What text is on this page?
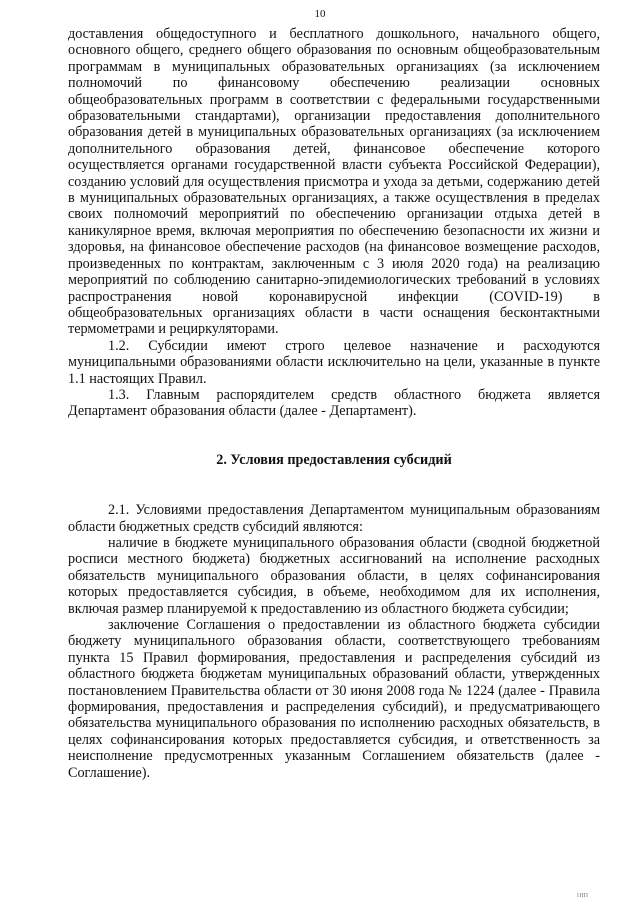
10

доставления общедоступного и бесплатного дошкольного, начального общего, основного общего, среднего общего образования по основным общеобразовательным программам в муниципальных образовательных организациях (за исключением полномочий по финансовому обеспечению реализации основных общеобразовательных программ в соответствии с федеральными государственными образовательными стандартами), организации предоставления дополнительного образования детей в муниципальных образовательных организациях (за исключением дополнительного образования детей, финансовое обеспечение которого осуществляется органами государственной власти субъекта Российской Федерации), созданию условий для осуществления присмотра и ухода за детьми, содержанию детей в муниципальных образовательных организациях, а также осуществления в пределах своих полномочий мероприятий по обеспечению организации отдыха детей в каникулярное время, включая мероприятия по обеспечению безопасности их жизни и здоровья, на финансовое обеспечение расходов (на финансовое возмещение расходов, произведенных по контрактам, заключенным с 3 июля 2020 года) на реализацию мероприятий по соблюдению санитарно-эпидемиологических требований в условиях распространения новой коронавирусной инфекции (COVID-19) в общеобразовательных организациях области в части оснащения бесконтактными термометрами и рециркуляторами.

1.2. Субсидии имеют строго целевое назначение и расходуются муниципальными образованиями области исключительно на цели, указанные в пункте 1.1 настоящих Правил.

1.3. Главным распорядителем средств областного бюджета является Департамент образования области (далее - Департамент).

2. Условия предоставления субсидий

2.1. Условиями предоставления Департаментом муниципальным образованиям области бюджетных средств субсидий являются:

наличие в бюджете муниципального образования области (сводной бюджетной росписи местного бюджета) бюджетных ассигнований на исполнение расходных обязательств муниципального образования области, в целях софинансирования которых предоставляется субсидия, в объеме, необходимом для их исполнения, включая размер планируемой к предоставлению из областного бюджета субсидии;

заключение Соглашения о предоставлении из областного бюджета субсидии бюджету муниципального образования области, соответствующего требованиям пункта 15 Правил формирования, предоставления и распределения субсидий из областного бюджета бюджетам муниципальных образований области, утвержденных постановлением Правительства области от 30 июня 2008 года № 1224 (далее - Правила формирования, предоставления и распределения субсидий), и предусматривающего обязательства муниципального образования по исполнению расходных обязательств, в целях софинансирования которых предоставляется субсидия, и ответственность за неисполнение предусмотренных указанным Соглашением обязательств (далее - Соглашение).

1НП
